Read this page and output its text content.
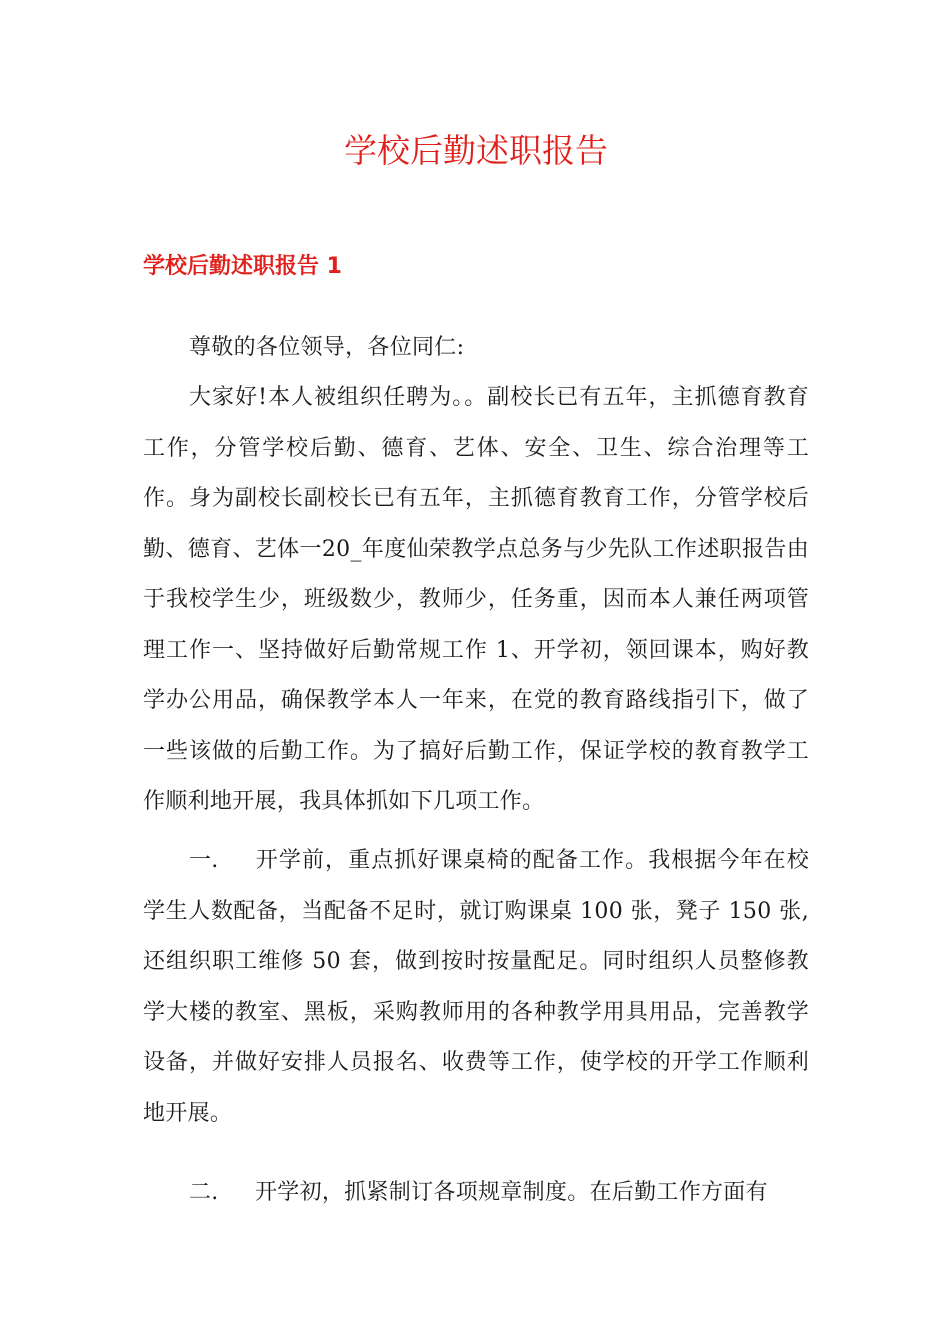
学校后勤述职报告
学校后勤述职报告 1

尊敬的各位领导，各位同仁:

大家好!本人被组织任聘为。。副校长已有五年，主抓德育教育工作，分管学校后勤、德育、艺体、安全、卫生、综合治理等工作。身为副校长副校长已有五年，主抓德育教育工作，分管学校后勤、德育、艺体一20_年度仙荣教学点总务与少先队工作述职报告由于我校学生少，班级数少，教师少，任务重，因而本人兼任两项管理工作一、坚持做好后勤常规工作 1、开学初，领回课本，购好教学办公用品，确保教学本人一年来，在党的教育路线指引下，做了一些该做的后勤工作。为了搞好后勤工作，保证学校的教育教学工作顺利地开展，我具体抓如下几项工作。

一. 开学前，重点抓好课桌椅的配备工作。我根据今年在校学生人数配备，当配备不足时，就订购课桌 100 张，凳子 150 张,还组织职工维修 50 套，做到按时按量配足。同时组织人员整修教学大楼的教室、黑板，采购教师用的各种教学用具用品，完善教学设备，并做好安排人员报名、收费等工作，使学校的开学工作顺利地开展。

二. 开学初，抓紧制订各项规章制度。在后勤工作方面有
